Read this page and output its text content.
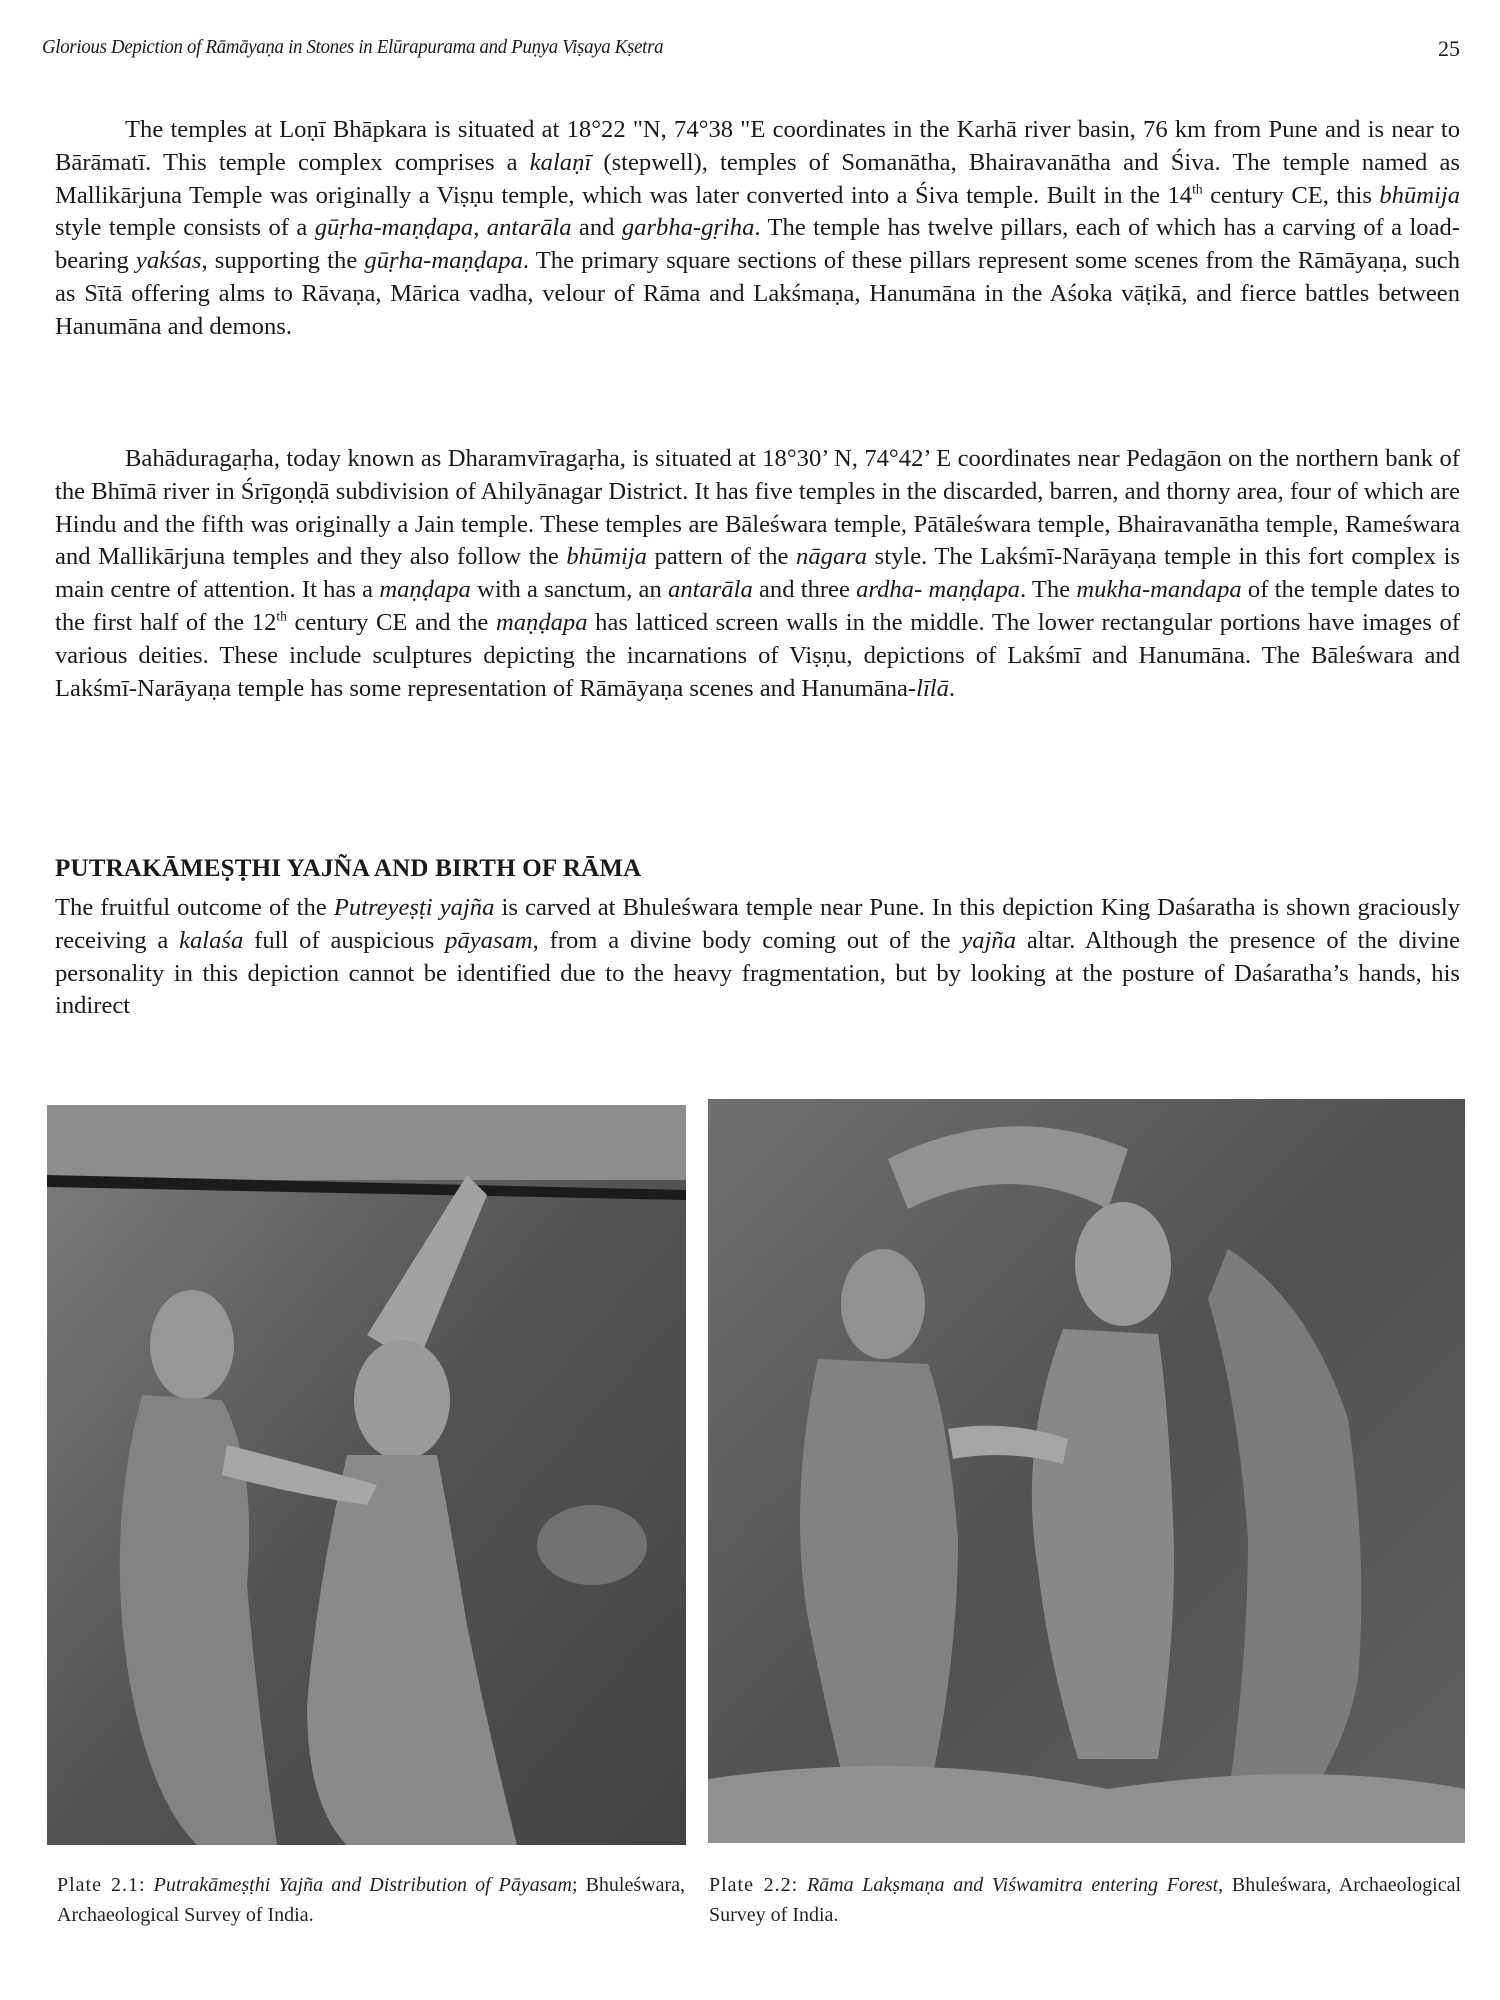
Glorious Depiction of Rāmāyaṇa in Stones in Elūrapurama and Puṇya Viṣaya Kṣetra	25

The temples at Loṇī Bhāpkara is situated at 18°22 "N, 74°38 "E coordinates in the Karhā river basin, 76 km from Pune and is near to Bārāmatī. This temple complex comprises a kalaṇī (stepwell), temples of Somanātha, Bhairavanātha and Śiva. The temple named as Mallikārjuna Temple was originally a Viṣṇu temple, which was later converted into a Śiva temple. Built in the 14th century CE, this bhūmija style temple consists of a gūṛha-maṇḍapa, antarāla and garbha-gṛiha. The temple has twelve pillars, each of which has a carving of a load-bearing yakśas, supporting the gūṛha-maṇḍapa. The primary square sections of these pillars represent some scenes from the Rāmāyaṇa, such as Sītā offering alms to Rāvaṇa, Mārica vadha, velour of Rāma and Lakśmaṇa, Hanumāna in the Aśoka vāṭikā, and fierce battles between Hanumāna and demons.

Bahāduragaṛha, today known as Dharamvīragaṛha, is situated at 18°30’ N, 74°42’ E coordinates near Pedagāon on the northern bank of the Bhīmā river in Śrīgoṇḍā subdivision of Ahilyānagar District. It has five temples in the discarded, barren, and thorny area, four of which are Hindu and the fifth was originally a Jain temple. These temples are Bāleśwara temple, Pātāleśwara temple, Bhairavanātha temple, Rameśwara and Mallikārjuna temples and they also follow the bhūmija pattern of the nāgara style. The Lakśmī-Narāyaṇa temple in this fort complex is main centre of attention. It has a maṇḍapa with a sanctum, an antarāla and three ardha- maṇḍapa. The mukha-mandapa of the temple dates to the first half of the 12th century CE and the maṇḍapa has latticed screen walls in the middle. The lower rectangular portions have images of various deities. These include sculptures depicting the incarnations of Viṣṇu, depictions of Lakśmī and Hanumāna. The Bāleśwara and Lakśmī-Narāyaṇa temple has some representation of Rāmāyaṇa scenes and Hanumāna-līlā.

PUTRAKĀMEṢṬHI YAJÑA AND BIRTH OF RĀMA

The fruitful outcome of the Putreyeṣṭi yajña is carved at Bhuleśwara temple near Pune. In this depiction King Daśaratha is shown graciously receiving a kalaśa full of auspicious pāyasam, from a divine body coming out of the yajña altar. Although the presence of the divine personality in this depiction cannot be identified due to the heavy fragmentation, but by looking at the posture of Daśaratha’s hands, his indirect

Plate 2.1: Putrakāmeṣṭhi Yajña and Distribution of Pāyasam; Bhuleśwara, Archaeological Survey of India.
Plate 2.2: Rāma Lakṣmaṇa and Viśwamitra entering Forest, Bhuleśwara, Archaeological Survey of India.
